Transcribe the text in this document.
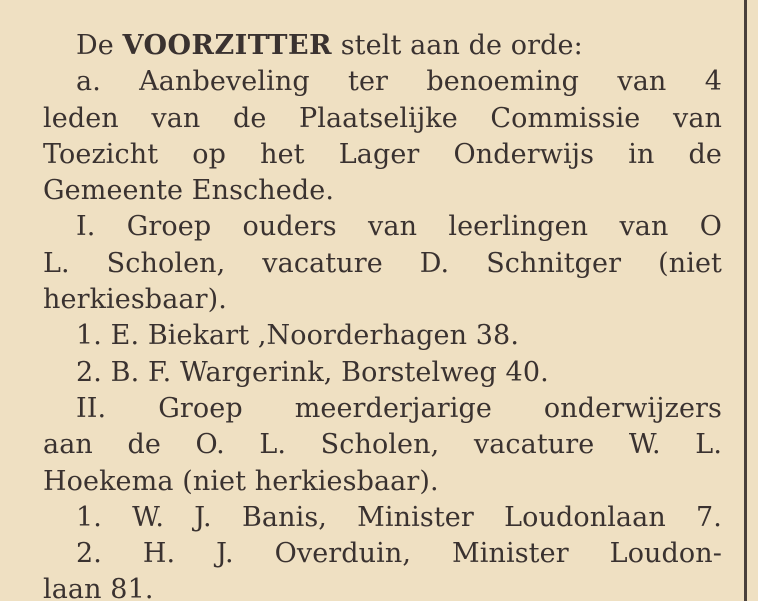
De VOORZITTER stelt aan de orde:
a. Aanbeveling ter benoeming van 4
leden van de Plaatselijke Commissie van
Toezicht op het Lager Onderwijs in de
Gemeente Enschede.
I. Groep ouders van leerlingen van O
L. Scholen, vacature D. Schnitger (niet
herkiesbaar).
1. E. Biekart ,Noorderhagen 38.
2. B. F. Wargerink, Borstelweg 40.
II. Groep meerderjarige onderwijzers
aan de O. L. Scholen, vacature W. L.
Hoekema (niet herkiesbaar).
1. W. J. Banis, Minister Loudonlaan 7.
2. H. J. Overduin, Minister Loudon-
laan 81.
